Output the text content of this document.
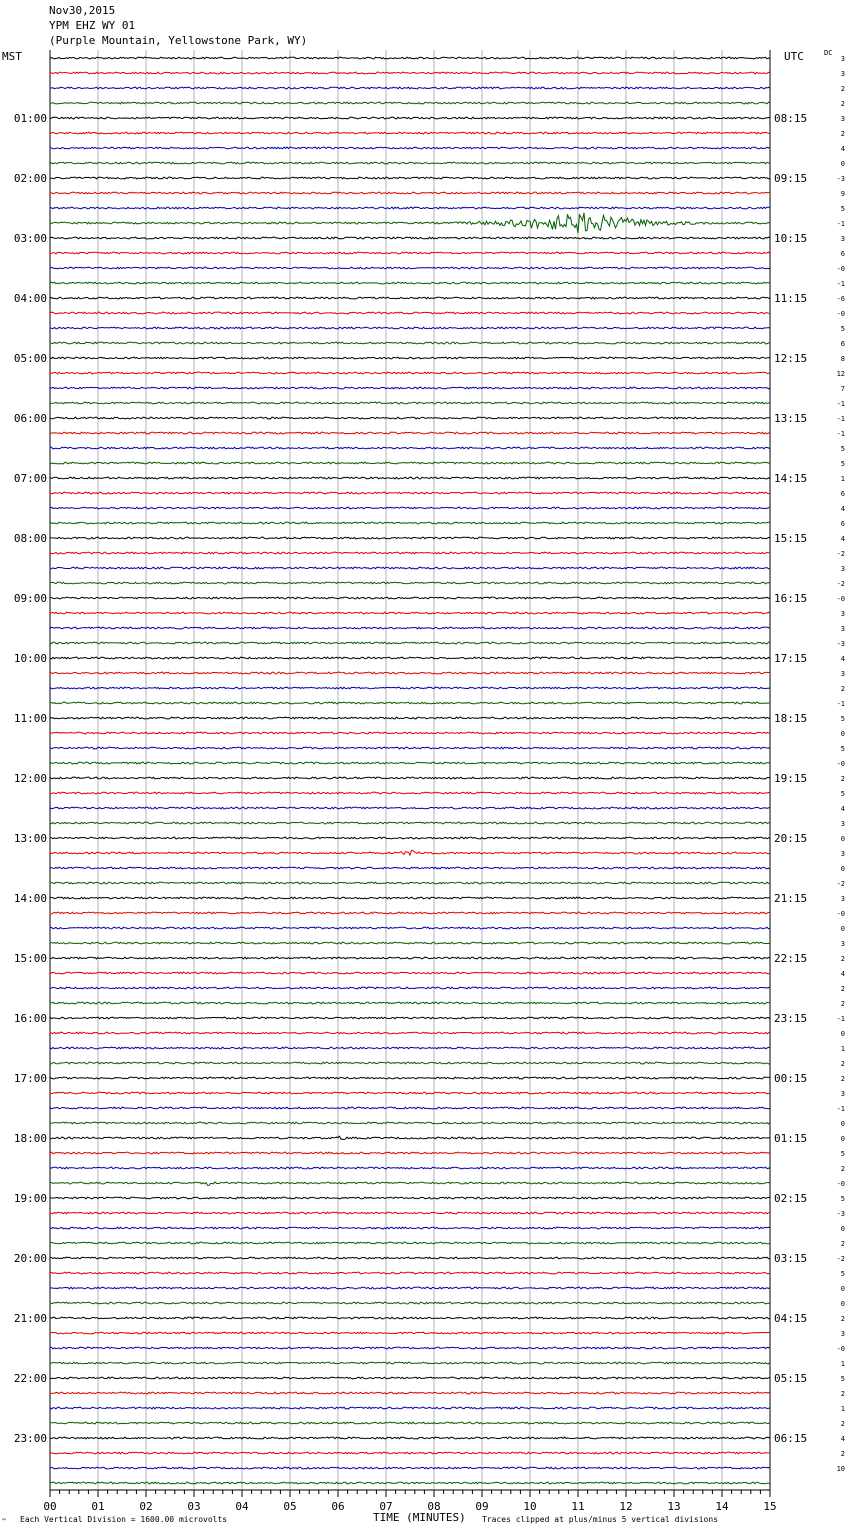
Nov30,2015
YPM EHZ WY 01
(Purple Mountain, Yellowstone Park, WY)
MST	UTC	DC
00	01	02	03	04	05	06	07	08	09	10	11	12	13	14	15
3
3
2
2
3
2
4
0
-3
9
5
-1
3
6
-0
-1
-6
-0
5
6
8
12
7
-1
-1
-1
5
5
1
6
4
6
4
-2
3
-2
-0
3
3
-3
4
3
2
-1
5
0
5
-0
2
5
4
3
0
3
0
-2
3
-0
0
3
2
4
2
2
-1
0
1
2
2
3
-1
0
0
5
2
-0
5
-3
0
2
-2
5
0
0
2
3
-0
1
5
2
1
2
4
2
10
01:00
02:00
03:00
04:00
05:00
06:00
07:00
08:00
09:00
10:00
11:00
12:00
13:00
14:00
15:00
16:00
17:00
18:00
19:00
20:00
21:00
22:00
23:00
08:15
09:15
10:15
11:15
12:15
13:15
14:15
15:15
16:15
17:15
18:15
19:15
20:15
21:15
22:15
23:15
00:15
01:15
02:15
03:15
04:15
05:15
06:15
™ Each Vertical Division = 1600.00 microvolts	TIME (MINUTES) Traces clipped at plus/minus 5 vertical divisions
